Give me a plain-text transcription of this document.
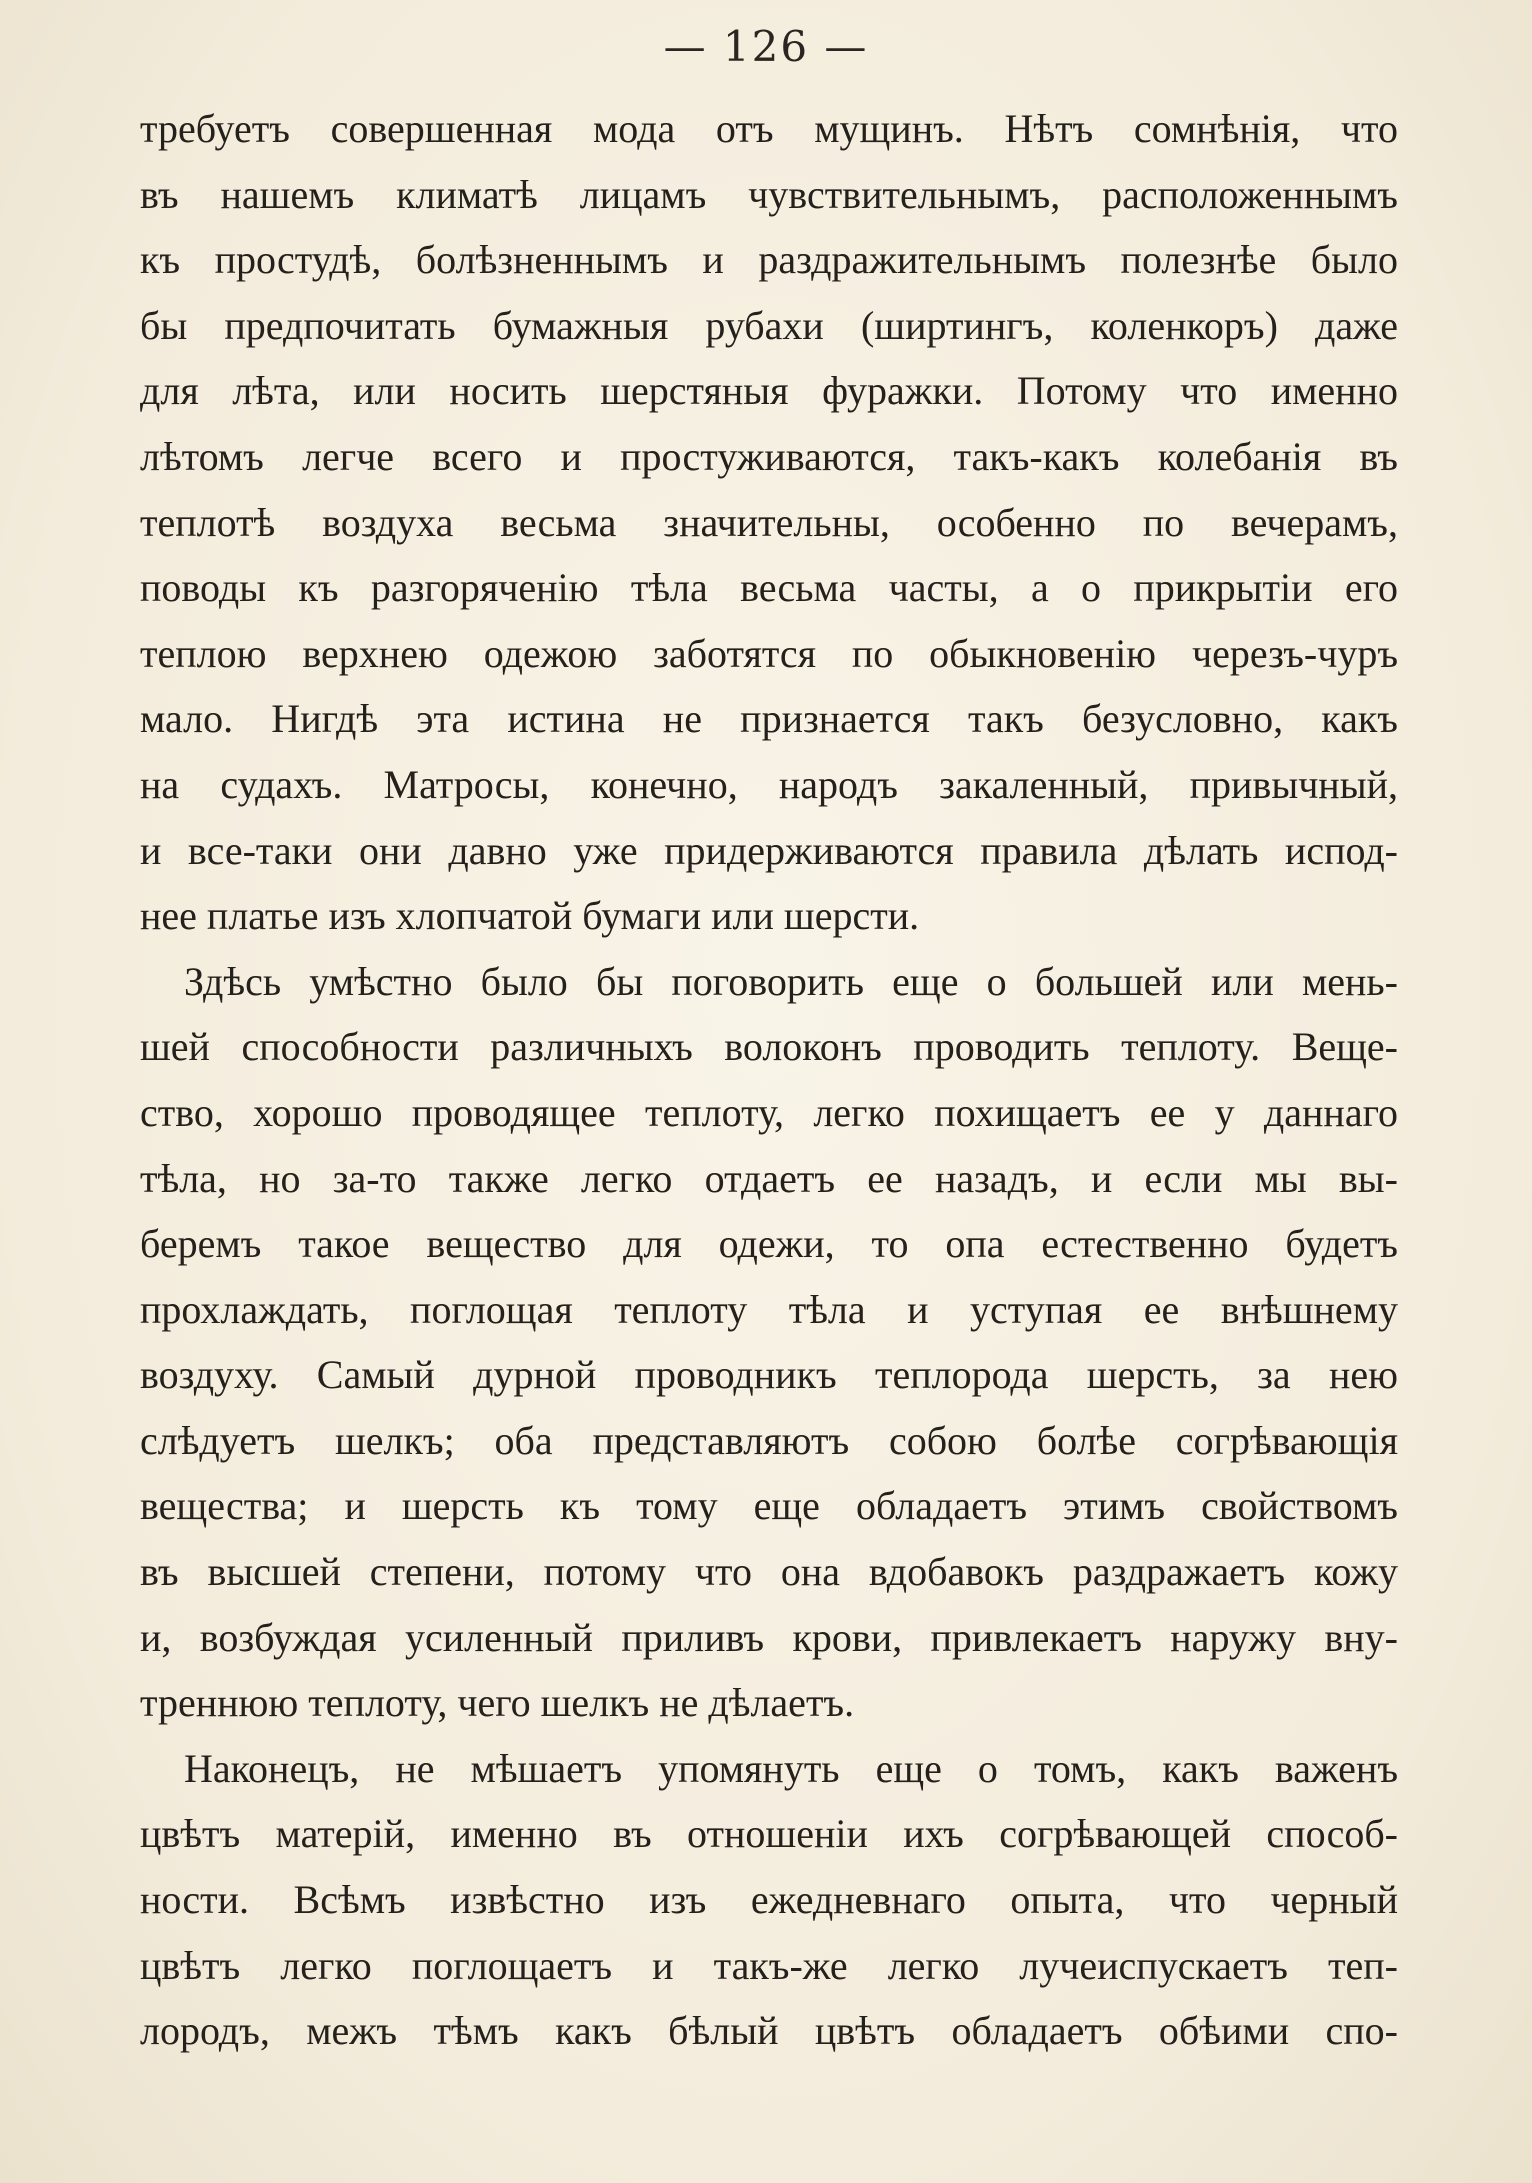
— 126 —
требуетъ совершенная мода отъ мущинъ. Нѣтъ сомнѣнія, что
въ нашемъ климатѣ лицамъ чувствительнымъ, расположеннымъ
къ простудѣ, болѣзненнымъ и раздражительнымъ полезнѣе было
бы предпочитать бумажныя рубахи (ширтингъ, коленкоръ) даже
для лѣта, или носить шерстяныя фуражки. Потому что именно
лѣтомъ легче всего и простуживаются, такъ-какъ колебанія въ
теплотѣ воздуха весьма значительны, особенно по вечерамъ,
поводы къ разгоряченію тѣла весьма часты, а о прикрытіи его
теплою верхнею одежою заботятся по обыкновенію черезъ-чуръ
мало. Нигдѣ эта истина не признается такъ безусловно, какъ
на судахъ. Матросы, конечно, народъ закаленный, привычный,
и все-таки они давно уже придерживаются правила дѣлать испод-
нее платье изъ хлопчатой бумаги или шерсти.
Здѣсь умѣстно было бы поговорить еще о большей или мень-
шей способности различныхъ волоконъ проводить теплоту. Веще-
ство, хорошо проводящее теплоту, легко похищаетъ ее у даннаго
тѣла, но за-то также легко отдаетъ ее назадъ, и если мы вы-
беремъ такое вещество для одежи, то опа естественно будетъ
прохлаждать, поглощая теплоту тѣла и уступая ее внѣшнему
воздуху. Самый дурной проводникъ теплорода шерсть, за нею
слѣдуетъ шелкъ; оба представляютъ собою болѣе согрѣвающія
вещества; и шерсть къ тому еще обладаетъ этимъ свойствомъ
въ высшей степени, потому что она вдобавокъ раздражаетъ кожу
и, возбуждая усиленный приливъ крови, привлекаетъ наружу вну-
треннюю теплоту, чего шелкъ не дѣлаетъ.
Наконецъ, не мѣшаетъ упомянуть еще о томъ, какъ важенъ
цвѣтъ матерій, именно въ отношеніи ихъ согрѣвающей способ-
ности. Всѣмъ извѣстно изъ ежедневнаго опыта, что черный
цвѣтъ легко поглощаетъ и такъ-же легко лучеиспускаетъ теп-
лородъ, межъ тѣмъ какъ бѣлый цвѣтъ обладаетъ обѣими спо-
